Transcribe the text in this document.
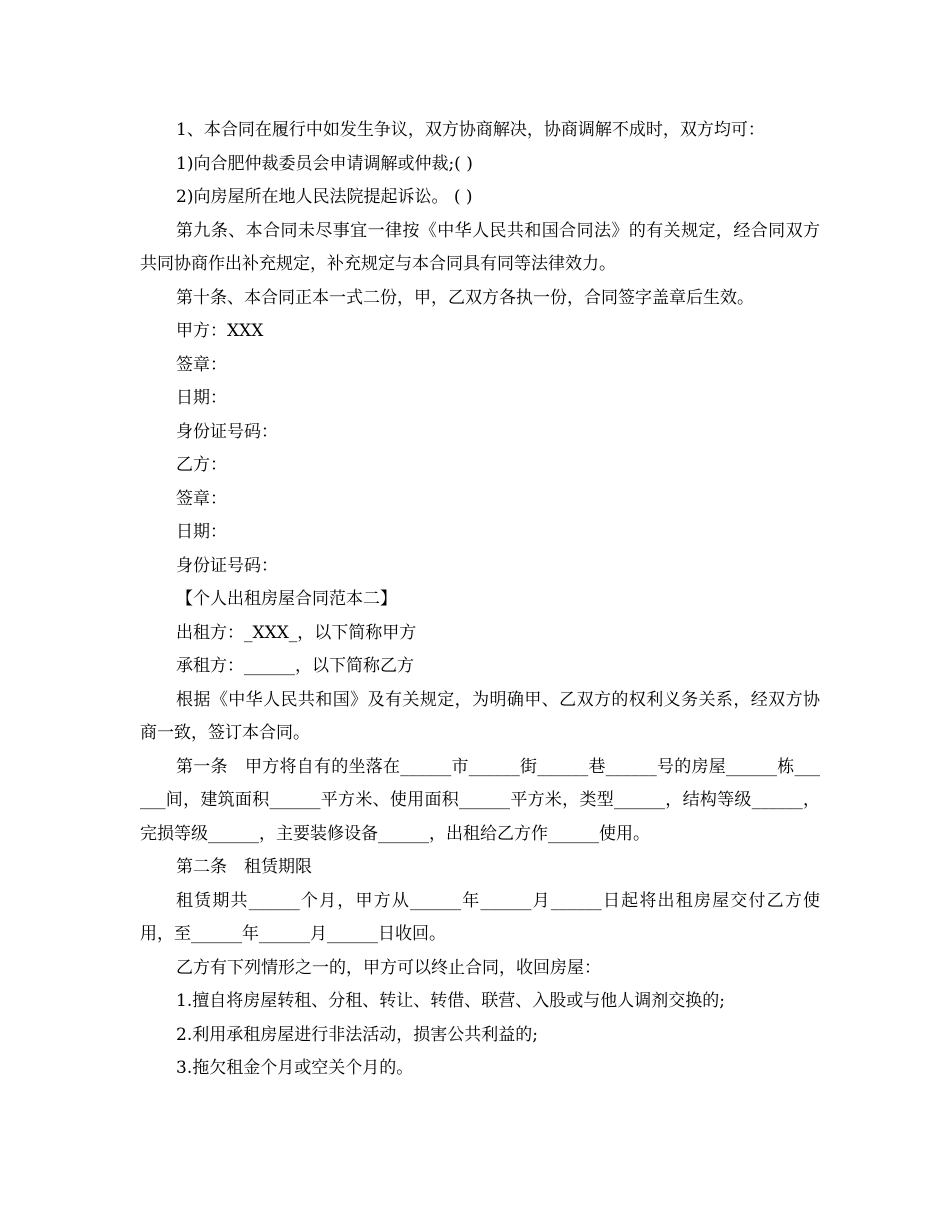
1、本合同在履行中如发生争议，双方协商解决，协商调解不成时，双方均可：

1)向合肥仲裁委员会申请调解或仲裁;( )

2)向房屋所在地人民法院提起诉讼。 ( )

第九条、本合同未尽事宜一律按《中华人民共和国合同法》的有关规定，经合同双方共同协商作出补充规定，补充规定与本合同具有同等法律效力。

第十条、本合同正本一式二份，甲，乙双方各执一份，合同签字盖章后生效。

甲方：XXX

签章：

日期：

身份证号码：

乙方：

签章：

日期：

身份证号码：

【个人出租房屋合同范本二】

出租方：_XXX_，以下简称甲方

承租方：______，以下简称乙方

根据《中华人民共和国》及有关规定，为明确甲、乙双方的权利义务关系，经双方协商一致，签订本合同。

第一条　甲方将自有的坐落在______市______街______巷______号的房屋______栋______间，建筑面积______平方米、使用面积______平方米，类型______，结构等级______，完损等级______，主要装修设备______，出租给乙方作______使用。

第二条　租赁期限

租赁期共______个月，甲方从______年______月______日起将出租房屋交付乙方使用，至______年______月______日收回。

乙方有下列情形之一的，甲方可以终止合同，收回房屋：

1.擅自将房屋转租、分租、转让、转借、联营、入股或与他人调剂交换的;

2.利用承租房屋进行非法活动，损害公共利益的;

3.拖欠租金个月或空关个月的。
